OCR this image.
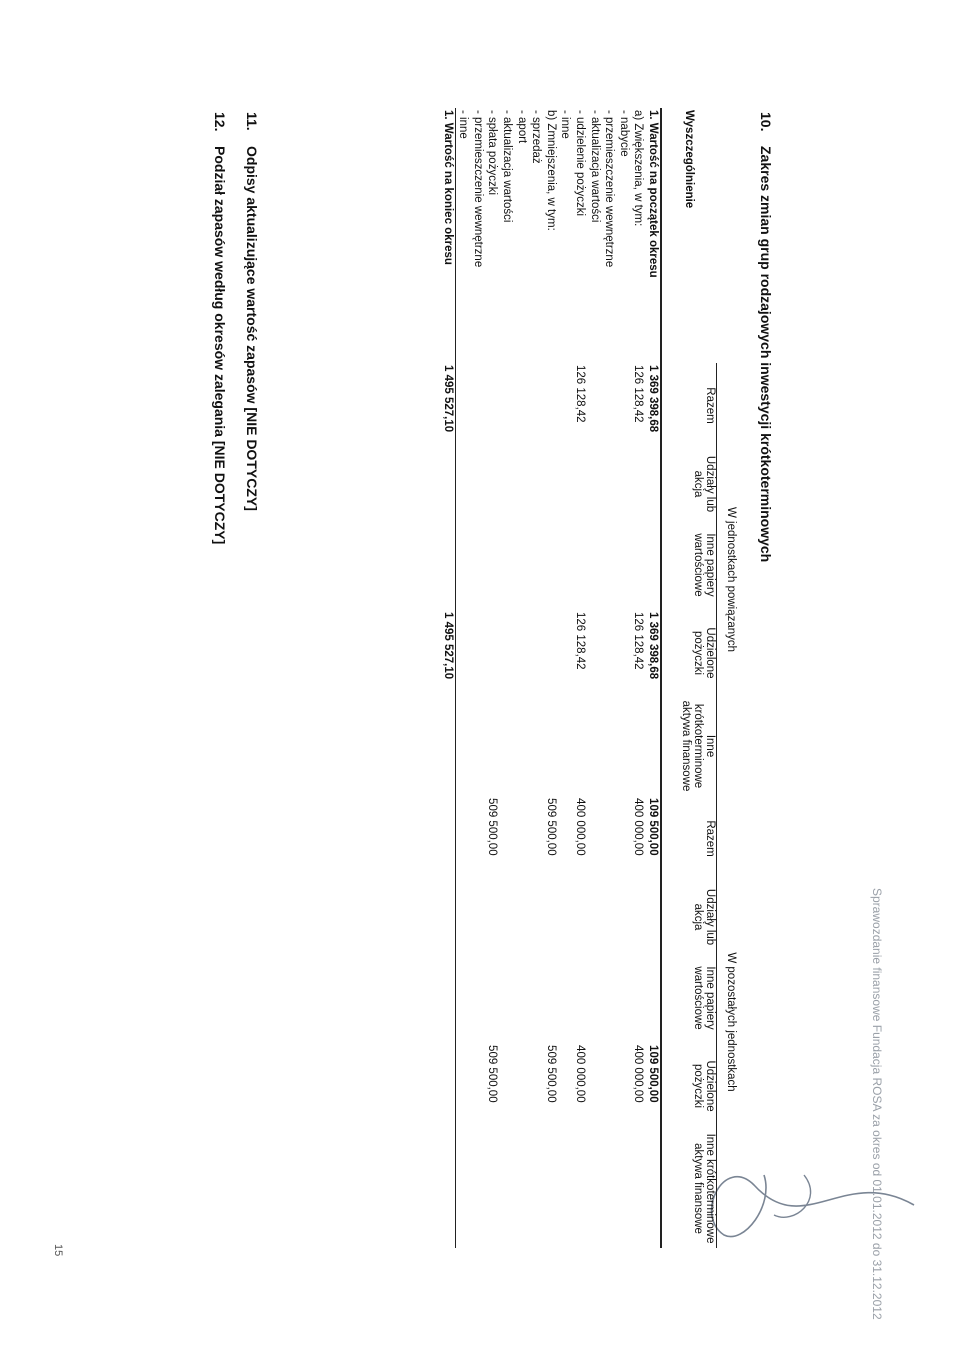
Sprawozdanie finansowe Fundacja ROSA za okres od 01.01.2012 do 31.12.2012
10.Zakres zmian grup rodzajowych inwestycji krótkoterminowych
	W jednostkach powiązanych					W pozostałych jednostkach				
Wyszczególnienie	Razem	Udziały lub akcja	Inne papiery wartościowe	Udzielone pożyczki	Inne krótkoterminowe aktywa finansowe	Razem	Udziały lub akcja	Inne papiery wartościowe	Udzielone pożyczki	Inne krótkoterminowe aktywa finansowe
1. Wartość na początek okresu	1 369 398,68			1 369 398,68		109 500,00			109 500,00	
a) Zwiększenia, w tym:	126 128,42			126 128,42		400 000,00			400 000,00	
- nabycie										
- przemieszczenie wewnętrzne										
- aktualizacja wartości										
- udzielenie pożyczki	126 128,42			126 128,42		400 000,00			400 000,00	
- inne										
b) Zmniejszenia, w tym:						509 500,00			509 500,00	
- sprzedaż										
- aport										
- aktualizacja wartości										
- spłata pożyczki						509 500,00			509 500,00	
- przemieszczenie wewnętrzne										
- inne										
1. Wartość na koniec okresu	1 495 527,10			1 495 527,10						
11.Odpisy aktualizujące wartość zapasów [NIE DOTYCZY]
12.Podział zapasów według okresów zalegania [NIE DOTYCZY]
15
